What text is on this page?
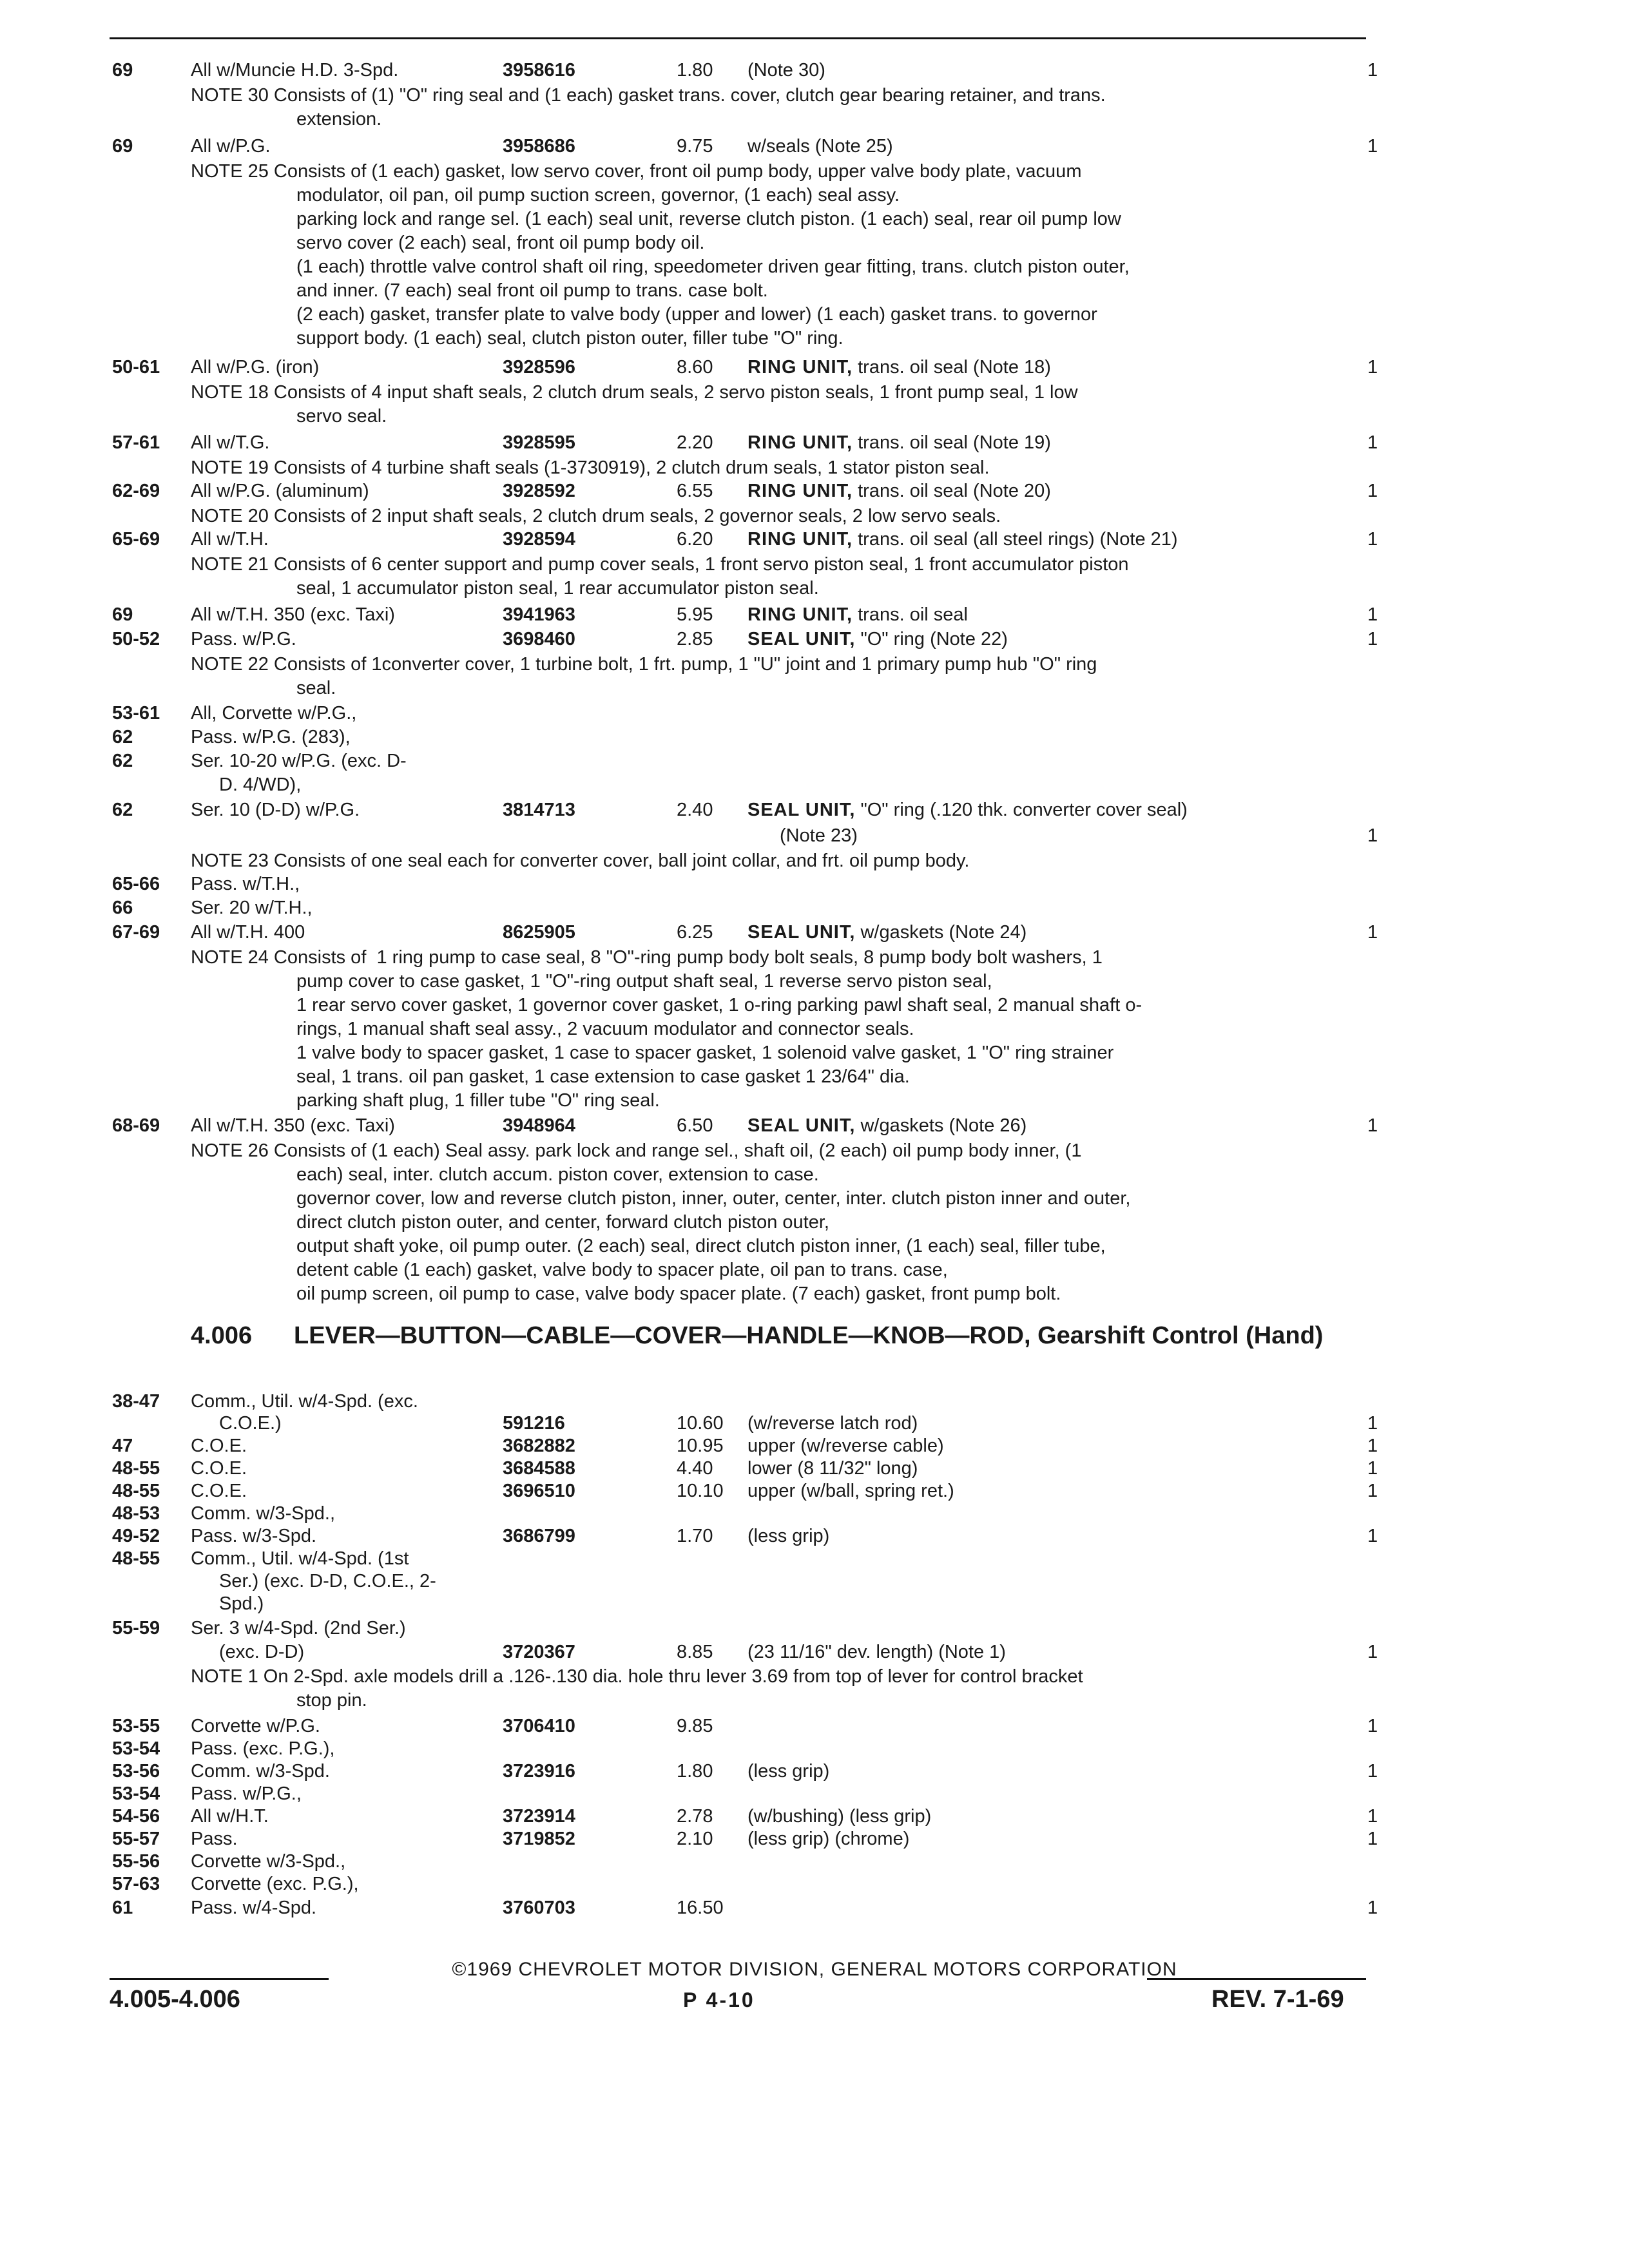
69	All w/Muncie H.D. 3-Spd.	3958616	1.80 (Note 30)	1
NOTE 30 Consists of (1) "O" ring seal and (1 each) gasket trans. cover, clutch gear bearing retainer, and trans.
extension.
69	All w/P.G.	3958686	9.75 w/seals (Note 25)	1
NOTE 25 Consists of (1 each) gasket, low servo cover, front oil pump body, upper valve body plate, vacuum
modulator, oil pan, oil pump suction screen, governor, (1 each) seal assy.
parking lock and range sel. (1 each) seal unit, reverse clutch piston. (1 each) seal, rear oil pump low
servo cover (2 each) seal, front oil pump body oil.
(1 each) throttle valve control shaft oil ring, speedometer driven gear fitting, trans. clutch piston outer,
and inner. (7 each) seal front oil pump to trans. case bolt.
(2 each) gasket, transfer plate to valve body (upper and lower) (1 each) gasket trans. to governor
support body. (1 each) seal, clutch piston outer, filler tube "O" ring.
50-61 All w/P.G. (iron)	3928596	8.60 RING UNIT, trans. oil seal (Note 18)	1
NOTE 18 Consists of 4 input shaft seals, 2 clutch drum seals, 2 servo piston seals, 1 front pump seal, 1 low
servo seal.
57-61 All w/T.G.	3928595	2.20 RING UNIT, trans. oil seal (Note 19)	1
NOTE 19 Consists of 4 turbine shaft seals (1-3730919), 2 clutch drum seals, 1 stator piston seal.
62-69 All w/P.G. (aluminum)	3928592	6.55 RING UNIT, trans. oil seal (Note 20)	1
NOTE 20 Consists of 2 input shaft seals, 2 clutch drum seals, 2 governor seals, 2 low servo seals.
65-69 All w/T.H.	3928594	6.20 RING UNIT, trans. oil seal (all steel rings) (Note 21)	1
NOTE 21 Consists of 6 center support and pump cover seals, 1 front servo piston seal, 1 front accumulator piston
seal, 1 accumulator piston seal, 1 rear accumulator piston seal.
69	All w/T.H. 350 (exc. Taxi)	3941963	5.95 RING UNIT, trans. oil seal	1
50-52 Pass. w/P.G.	3698460	2.85 SEAL UNIT, "O" ring (Note 22)	1
NOTE 22 Consists of 1converter cover, 1 turbine bolt, 1 frt. pump, 1 "U" joint and 1 primary pump hub "O" ring
seal.
53-61 All, Corvette w/P.G.,
62	Pass. w/P.G. (283),
62	Ser. 10-20 w/P.G. (exc. D-
D. 4/WD),
62	Ser. 10 (D-D) w/P.G.	3814713	2.40 SEAL UNIT, "O" ring (.120 thk. converter cover seal)
(Note 23)	1
NOTE 23 Consists of one seal each for converter cover, ball joint collar, and frt. oil pump body.
65-66 Pass. w/T.H.,
66	Ser. 20 w/T.H.,
67-69 All w/T.H. 400	8625905	6.25 SEAL UNIT, w/gaskets (Note 24)	1
NOTE 24 Consists of  1 ring pump to case seal, 8 "O"-ring pump body bolt seals, 8 pump body bolt washers, 1
pump cover to case gasket, 1 "O"-ring output shaft seal, 1 reverse servo piston seal,
1 rear servo cover gasket, 1 governor cover gasket, 1 o-ring parking pawl shaft seal, 2 manual shaft o-
rings, 1 manual shaft seal assy., 2 vacuum modulator and connector seals.
1 valve body to spacer gasket, 1 case to spacer gasket, 1 solenoid valve gasket, 1 "O" ring strainer
seal, 1 trans. oil pan gasket, 1 case extension to case gasket 1 23/64" dia.
parking shaft plug, 1 filler tube "O" ring seal.
68-69 All w/T.H. 350 (exc. Taxi)	3948964	6.50 SEAL UNIT, w/gaskets (Note 26)	1
NOTE 26 Consists of (1 each) Seal assy. park lock and range sel., shaft oil, (2 each) oil pump body inner, (1
each) seal, inter. clutch accum. piston cover, extension to case.
governor cover, low and reverse clutch piston, inner, outer, center, inter. clutch piston inner and outer,
direct clutch piston outer, and center, forward clutch piston outer,
output shaft yoke, oil pump outer. (2 each) seal, direct clutch piston inner, (1 each) seal, filler tube,
detent cable (1 each) gasket, valve body to spacer plate, oil pan to trans. case,
oil pump screen, oil pump to case, valve body spacer plate. (7 each) gasket, front pump bolt.
4.006 LEVER—BUTTON—CABLE—COVER—HANDLE—KNOB—ROD, Gearshift Control (Hand)
38-47 Comm., Util. w/4-Spd. (exc.
C.O.E.)	591216	10.60 (w/reverse latch rod)	1
47	C.O.E.	3682882	10.95 upper (w/reverse cable)	1
48-55 C.O.E.	3684588	4.40 lower (8 11/32" long)	1
48-55 C.O.E.	3696510	10.10 upper (w/ball, spring ret.)	1
48-53 Comm. w/3-Spd.,
49-52 Pass. w/3-Spd.	3686799	1.70 (less grip)	1
48-55 Comm., Util. w/4-Spd. (1st
Ser.) (exc. D-D, C.O.E., 2-
Spd.)
55-59 Ser. 3 w/4-Spd. (2nd Ser.)
(exc. D-D)	3720367	8.85 (23 11/16" dev. length) (Note 1)	1
NOTE 1 On 2-Spd. axle models drill a .126-.130 dia. hole thru lever 3.69 from top of lever for control bracket
stop pin.
53-55 Corvette w/P.G.	3706410	9.85	1
53-54 Pass. (exc. P.G.),
53-56 Comm. w/3-Spd.	3723916	1.80 (less grip)	1
53-54 Pass. w/P.G.,
54-56 All w/H.T.	3723914	2.78 (w/bushing) (less grip)	1
55-57 Pass.	3719852	2.10 (less grip) (chrome)	1
55-56 Corvette w/3-Spd.,
57-63 Corvette (exc. P.G.),
61	Pass. w/4-Spd.	3760703	16.50	1
©1969 CHEVROLET MOTOR DIVISION, GENERAL MOTORS CORPORATION
4.005-4.006	P 4-10	REV. 7-1-69
